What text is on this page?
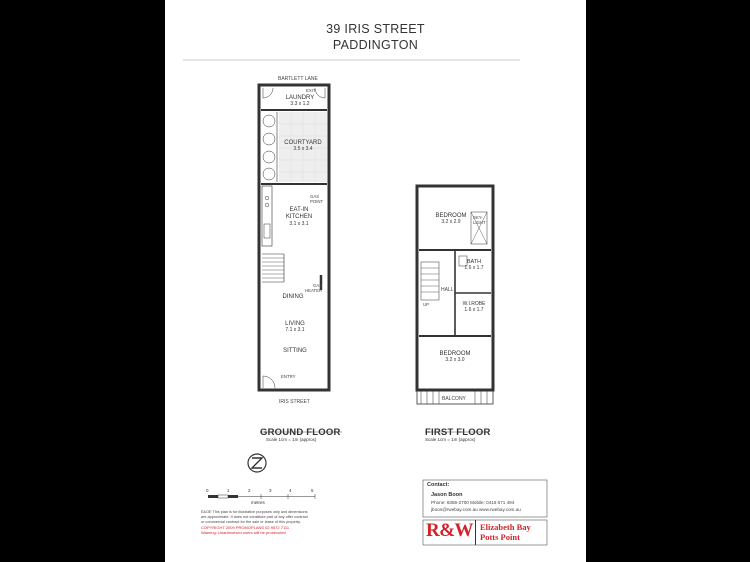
39 IRIS STREET
PADDINGTON
BARTLETT LANE
EXIT
LAUNDRY
3.3 x 1.2
COURTYARD
3.5 x 3.4
GAS
POINT
EAT-IN
KITCHEN
3.1 x 3.1
GAS
HEATER
DINING
LIVING
7.1 x 3.1
SITTING
ENTRY
IRIS STREET
GROUND FLOOR
Scale 1cm = 1m (approx)
BEDROOM
3.2 x 2.9
SKY-
LIGHT
BATH
1.6 x 1.7
HALL
UP	W.I.ROBE
1.6 x 1.7
BEDROOM
3.2 x 3.0
BALCONY
FIRST FLOOR
Scale 1cm = 1m (approx)
0	1	2	3	4	5
metres
E&OE This plan is for illustrative purposes only and dimensions
are approximate. It does not constitute part of any offer contract
or commercial contract for the sale or lease of this property.
COPYRIGHT 2009 PROMOPLANS 02 9572 7111
Warning: Unauthorised users will be prosecuted
Contact:
Jason Boon
Phone: 8356-2700 Mobile: 0418 671 494
jboon@rwebay.com.au www.rwebay.com.au
R&W Elizabeth Bay
Potts Point
